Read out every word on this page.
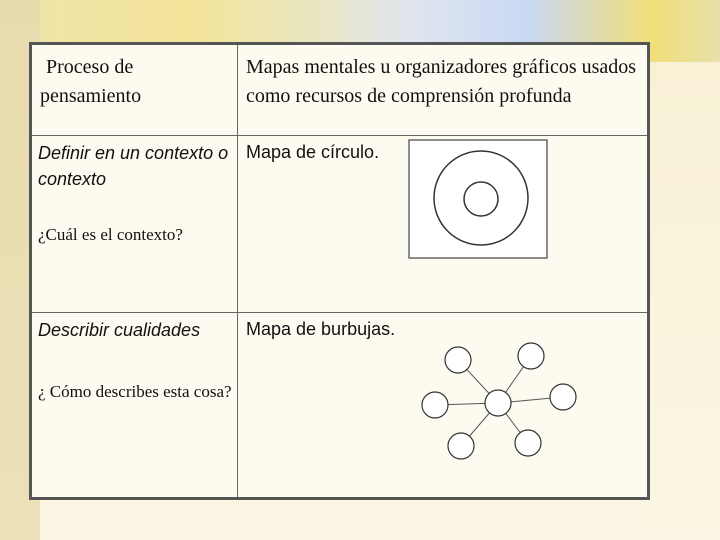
Proceso de pensamiento	Mapas mentales u organizadores gráficos usados como recursos de comprensión profunda

Definir en un contexto o contexto
¿Cuál es el contexto?	Mapa de círculo.

Describir cualidades
¿ Cómo describes esta cosa?	Mapa de burbujas.
